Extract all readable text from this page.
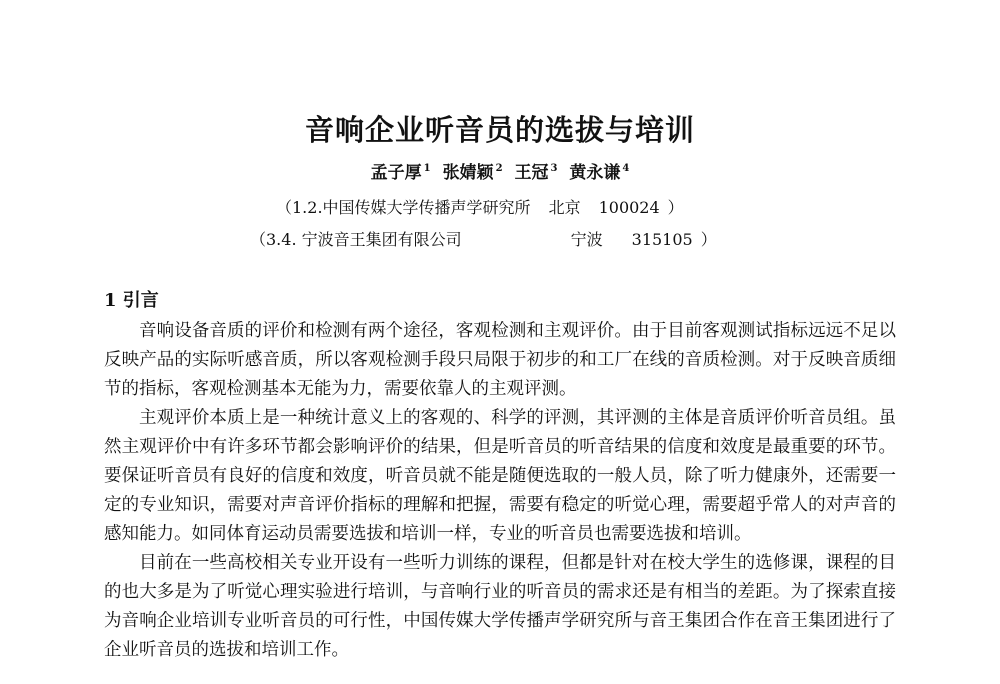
音响企业听音员的选拔与培训
孟子厚 $^1$ 张婧颖 $^2$ 王冠 $^3$ 黄永谦 $^4$
（1.2.中国传媒大学传播声学研究所 北京 100024 ）
（3.4. 宁波音王集团有限公司	宁波 315105 ）
1 引言

音响设备音质的评价和检测有两个途径，客观检测和主观评价。由于目前客观测试指标远远不足以反映产品的实际听感音质，所以客观检测手段只局限于初步的和工厂在线的音质检测。对于反映音质细节的指标，客观检测基本无能为力，需要依靠人的主观评测。

主观评价本质上是一种统计意义上的客观的、科学的评测，其评测的主体是音质评价听音员组。虽然主观评价中有许多环节都会影响评价的结果，但是听音员的听音结果的信度和效度是最重要的环节。要保证听音员有良好的信度和效度，听音员就不能是随便选取的一般人员，除了听力健康外，还需要一定的专业知识，需要对声音评价指标的理解和把握，需要有稳定的听觉心理，需要超乎常人的对声音的感知能力。如同体育运动员需要选拔和培训一样，专业的听音员也需要选拔和培训。

目前在一些高校相关专业开设有一些听力训练的课程，但都是针对在校大学生的选修课，课程的目的也大多是为了听觉心理实验进行培训，与音响行业的听音员的需求还是有相当的差距。为了探索直接为音响企业培训专业听音员的可行性，中国传媒大学传播声学研究所与音王集团合作在音王集团进行了企业听音员的选拔和培训工作。
